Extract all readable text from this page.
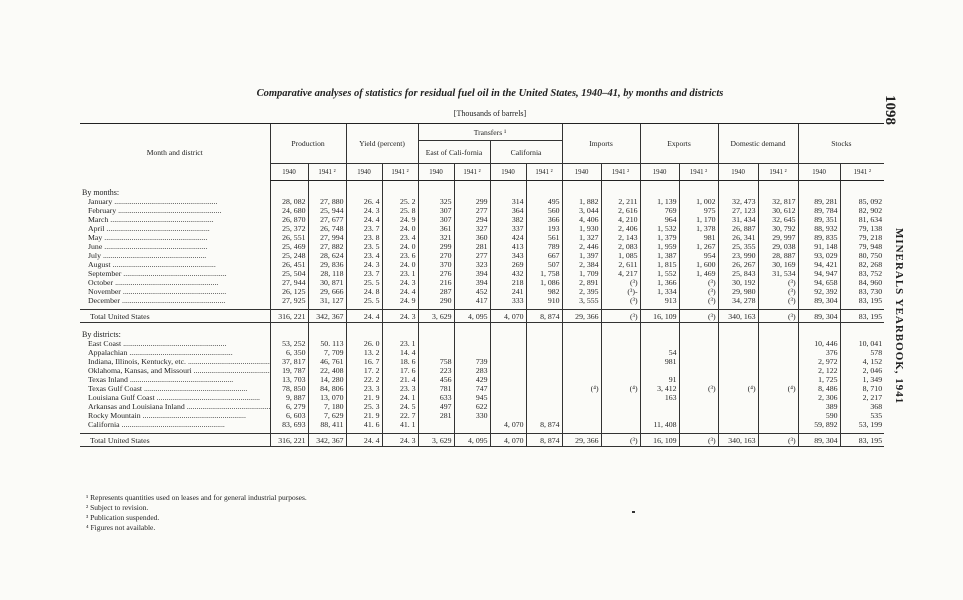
1098
MINERALS YEARBOOK, 1941
Comparative analyses of statistics for residual fuel oil in the United States, 1940–41, by months and districts
[Thousands of barrels]
Month and district	Production		Yield (percent)		Transfers ¹				Imports		Exports		Domestic demand		Stocks	
					East of Cali-fornia		California									
	1940	1941 ²	1940	1941 ²	1940	1941 ²	1940	1941 ²	1940	1941 ²	1940	1941 ²	1940	1941 ²	1940	1941 ²

By months:																
January .....	28, 082	27, 880	26. 4	25. 2	325	299	314	495	1, 882	2, 211	1, 139	1, 002	32, 473	32, 817	89, 281	85, 092
February .....	24, 680	25, 944	24. 3	25. 8	307	277	364	560	3, 044	2, 616	769	975	27, 123	30, 612	89, 784	82, 902
March .....	26, 870	27, 677	24. 4	24. 9	307	294	382	366	4, 406	4, 210	964	1, 170	31, 434	32, 645	89, 351	81, 634
April .....	25, 372	26, 748	23. 7	24. 0	361	327	337	193	1, 930	2, 406	1, 532	1, 378	26, 887	30, 792	88, 932	79, 138
May .....	26, 551	27, 994	23. 8	23. 4	321	360	424	561	1, 327	2, 143	1, 379	981	26, 341	29, 997	89, 835	79, 218
June .....	25, 469	27, 882	23. 5	24. 0	299	281	413	789	2, 446	2, 083	1, 959	1, 267	25, 355	29, 038	91, 148	79, 948
July .....	25, 248	28, 624	23. 4	23. 6	270	277	343	667	1, 397	1, 085	1, 387	954	23, 990	28, 887	93, 029	80, 750
August .....	26, 451	29, 836	24. 3	24. 0	370	323	269	507	2, 384	2, 611	1, 815	1, 600	26, 267	30, 169	94, 421	82, 268
September .....	25, 504	28, 118	23. 7	23. 1	276	394	432	1, 758	1, 709	4, 217	1, 552	1, 469	25, 843	31, 534	94, 947	83, 752
October .....	27, 944	30, 871	25. 5	24. 3	216	394	218	1, 086	2, 891	(³)	1, 366	(³)	30, 192	(³)	94, 658	84, 960
November .....	26, 125	29, 666	24. 8	24. 4	287	452	241	982	2, 395	(³)-	1, 334	(³)	29, 980	(³)	92, 392	83, 730
December .....	27, 925	31, 127	25. 5	24. 9	290	417	333	910	3, 555	(³)	913	(³)	34, 278	(³)	89, 304	83, 195

Total United States	316, 221	342, 367	24. 4	24. 3	3, 629	4, 095	4, 070	8, 874	29, 366	(³)	16, 109	(³)	340, 163	(³)	89, 304	83, 195

By districts:																
East Coast .....	53, 252	50. 113	26. 0	23. 1											10, 446	10, 041
Appalachian .....	6, 350	7, 709	13. 2	14. 4							54				376	578
Indiana, Illinois, Kentucky, etc. .....	37, 817	46, 761	16. 7	18. 6	758	739					981				2, 972	4, 152
Oklahoma, Kansas, and Missouri .....	19, 787	22, 408	17. 2	17. 6	223	283									2, 122	2, 046
Texas Inland .....	13, 703	14, 280	22. 2	21. 4	456	429					91				1, 725	1, 349
Texas Gulf Coast .....	78, 850	84, 806	23. 3	23. 3	781	747			(⁴)	(⁴)	3, 412	(³)	(⁴)	(⁴)	8, 486	8, 710
Louisiana Gulf Coast .....	9, 887	13, 070	21. 9	24. 1	633	945					163				2, 306	2, 217
Arkansas and Louisiana Inland .....	6, 279	7, 180	25. 3	24. 5	497	622									389	368
Rocky Mountain .....	6, 603	7, 629	21. 9	22. 7	281	330									590	535
California .....	83, 693	88, 411	41. 6	41. 1			4, 070	8, 874			11, 408				59, 892	53, 199

Total United States	316, 221	342, 367	24. 4	24. 3	3, 629	4, 095	4, 070	8, 874	29, 366	(³)	16, 109	(³)	340, 163	(³)	89, 304	83, 195
¹ Represents quantities used on leases and for general industrial purposes.
² Subject to revision.
³ Publication suspended.
⁴ Figures not available.
